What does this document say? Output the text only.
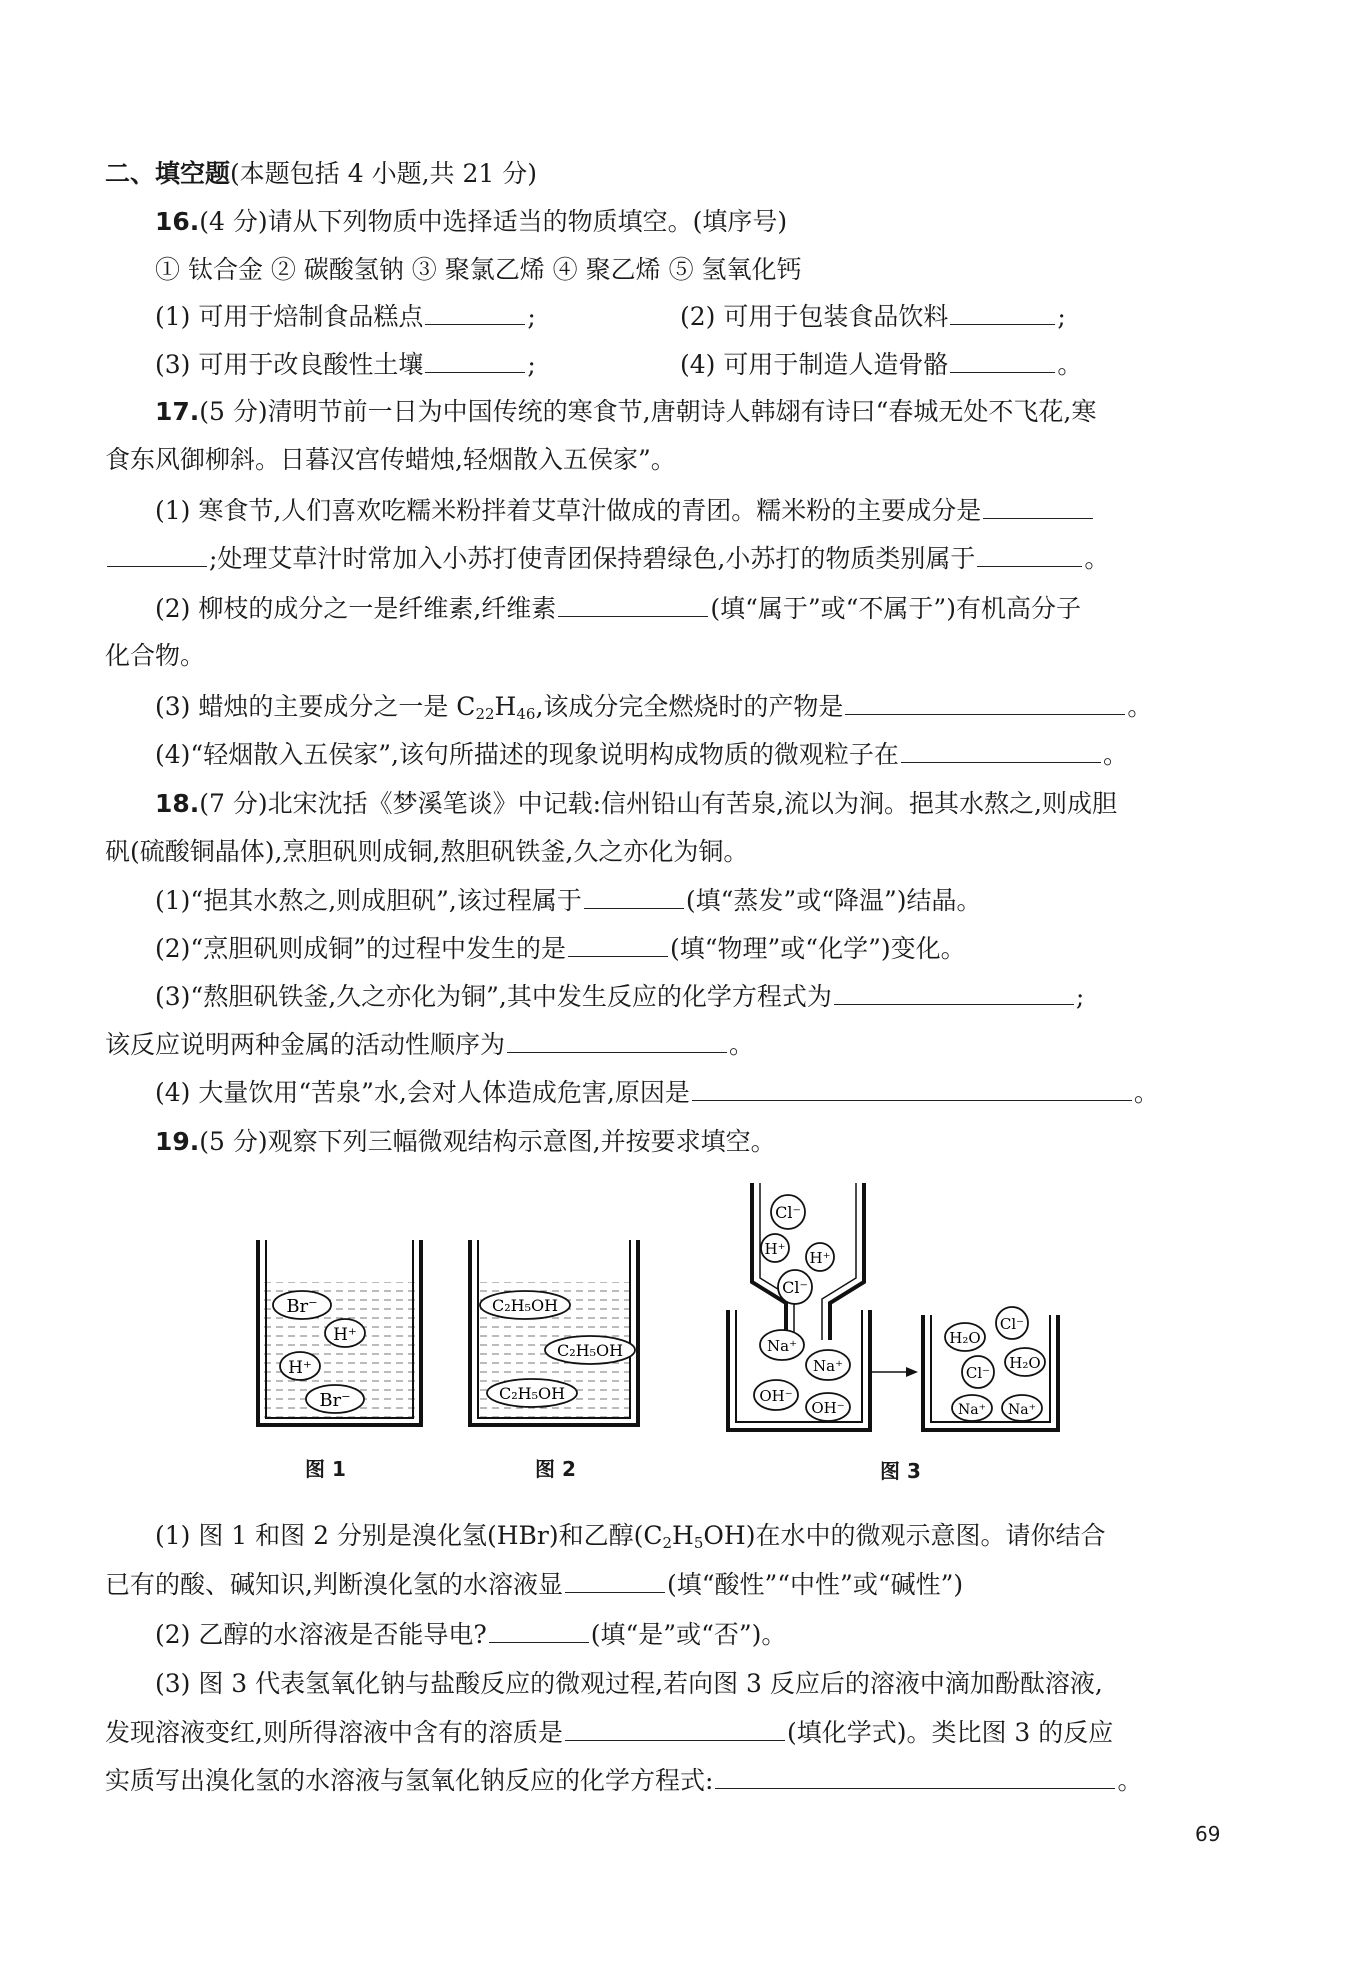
二、填空题(本题包括 4 小题,共 21 分)
16.(4 分)请从下列物质中选择适当的物质填空。(填序号)
① 钛合金 ② 碳酸氢钠 ③ 聚氯乙烯 ④ 聚乙烯 ⑤ 氢氧化钙
(1) 可用于焙制食品糕点	;	(2) 可用于包装食品饮料	;
(3) 可用于改良酸性土壤	;	(4) 可用于制造人造骨骼	。
17.(5 分)清明节前一日为中国传统的寒食节,唐朝诗人韩翃有诗曰“春城无处不飞花,寒
食东风御柳斜。日暮汉宫传蜡烛,轻烟散入五侯家”。
(1) 寒食节,人们喜欢吃糯米粉拌着艾草汁做成的青团。糯米粉的主要成分是
;处理艾草汁时常加入小苏打使青团保持碧绿色,小苏打的物质类别属于	。
(2) 柳枝的成分之一是纤维素,纤维素	(填“属于”或“不属于”)有机高分子
化合物。
(3) 蜡烛的主要成分之一是 $C_{22}H_{46}$,该成分完全燃烧时的产物是	。
(4)“轻烟散入五侯家”,该句所描述的现象说明构成物质的微观粒子在	。
18.(7 分)北宋沈括《梦溪笔谈》中记载:信州铅山有苦泉,流以为涧。挹其水熬之,则成胆
矾(硫酸铜晶体),烹胆矾则成铜,熬胆矾铁釜,久之亦化为铜。
(1)“挹其水熬之,则成胆矾”,该过程属于	(填“蒸发”或“降温”)结晶。
(2)“烹胆矾则成铜”的过程中发生的是	(填“物理”或“化学”)变化。
(3)“熬胆矾铁釜,久之亦化为铜”,其中发生反应的化学方程式为	;
该反应说明两种金属的活动性顺序为	。
(4) 大量饮用“苦泉”水,会对人体造成危害,原因是	。
19.(5 分)观察下列三幅微观结构示意图,并按要求填空。
Br⁻
H⁺
H⁺
Br⁻
C₂H₅OH
C₂H₅OH
C₂H₅OH
Cl⁻
H⁺ H⁺
Cl⁻
Na⁺
Na⁺
OH⁻
OH⁻
H₂O
Cl⁻
Cl⁻
H₂O
Na⁺ Na⁺
图 1	图 2	图 3
(1) 图 1 和图 2 分别是溴化氢(HBr)和乙醇$(C_2H_5OH)$在水中的微观示意图。请你结合
已有的酸、碱知识,判断溴化氢的水溶液显	(填“酸性”“中性”或“碱性”)
(2) 乙醇的水溶液是否能导电?	(填“是”或“否”)。
(3) 图 3 代表氢氧化钠与盐酸反应的微观过程,若向图 3 反应后的溶液中滴加酚酞溶液,
发现溶液变红,则所得溶液中含有的溶质是	(填化学式)。类比图 3 的反应
实质写出溴化氢的水溶液与氢氧化钠反应的化学方程式:	。
69
